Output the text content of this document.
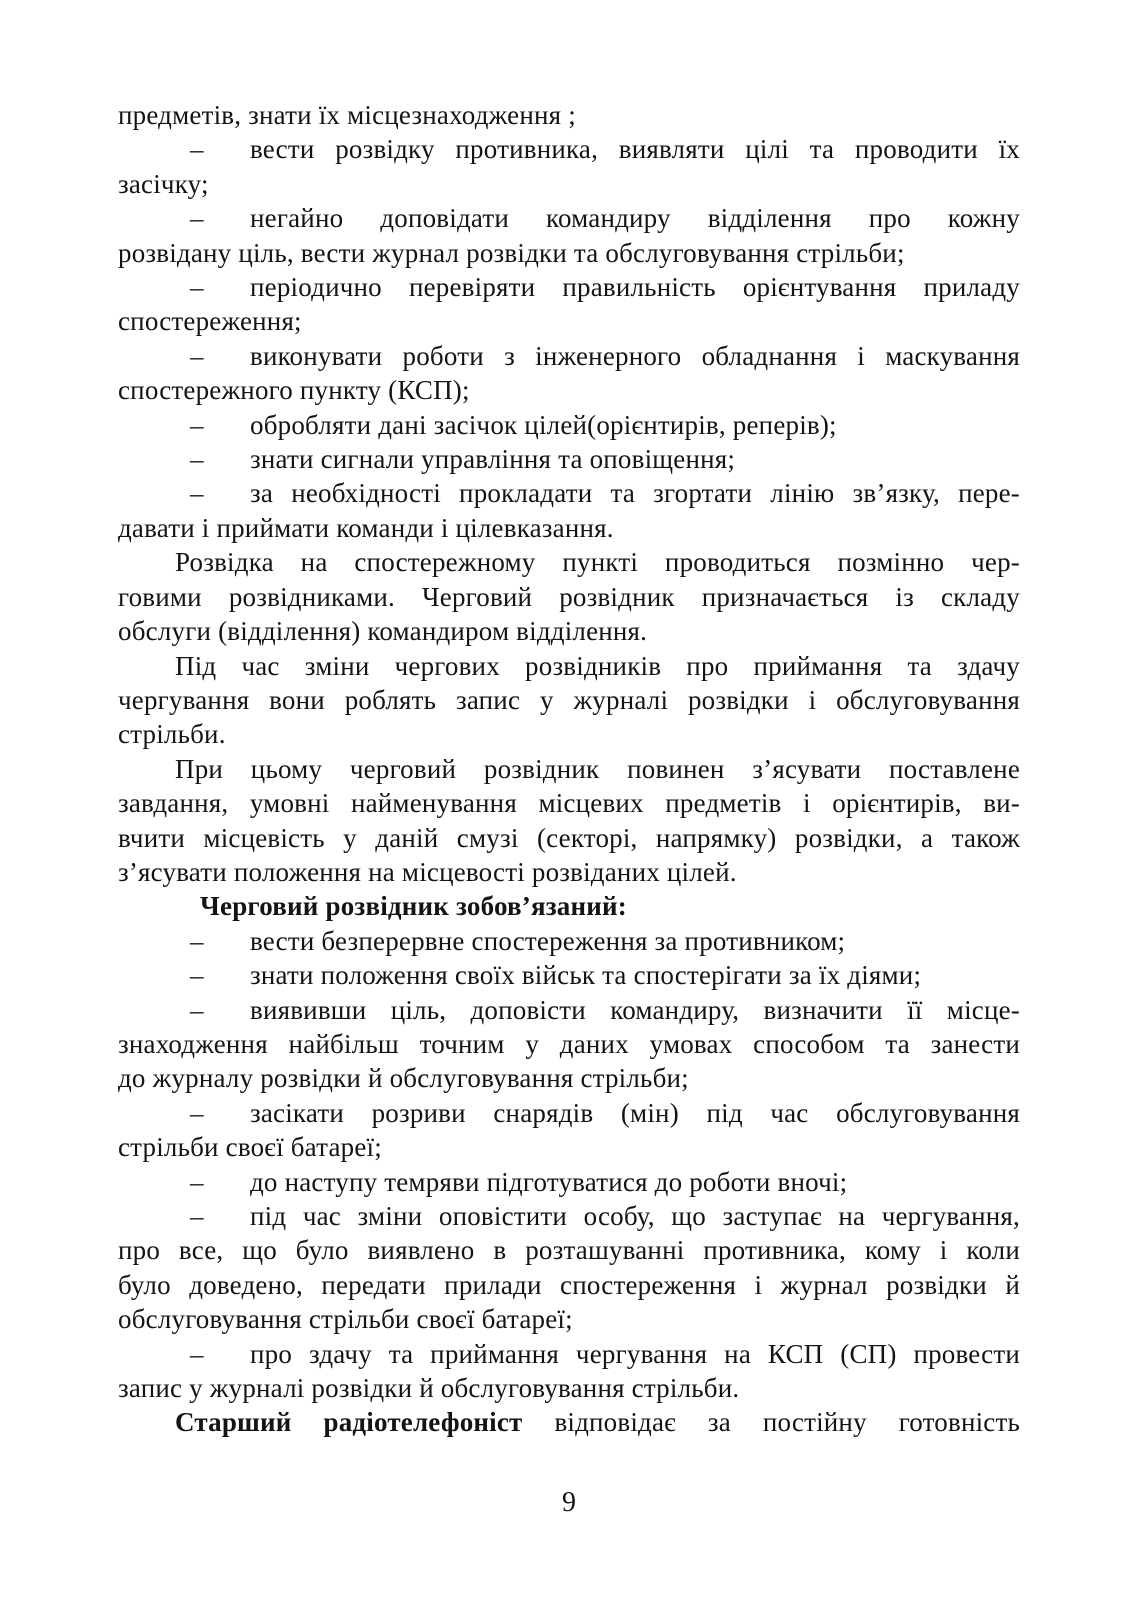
предметів, знати їх місцезнаходження ;
– вести розвідку противника, виявляти цілі та проводити їх
засічку;
– негайно доповідати командиру відділення про кожну
розвідану ціль, вести журнал розвідки та обслуговування стрільби;
– періодично перевіряти правильність орієнтування приладу
спостереження;
– виконувати роботи з інженерного обладнання і маскування
спостережного пункту (КСП);
– обробляти дані засічок цілей(орієнтирів, реперів);
– знати сигнали управління та оповіщення;
– за необхідності прокладати та згортати лінію зв’язку, пере-
давати і приймати команди і цілевказання.
Розвідка на спостережному пункті проводиться позмінно чер-
говими розвідниками. Черговий розвідник призначається із складу
обслуги (відділення) командиром відділення.
Під час зміни чергових розвідників про приймання та здачу
чергування вони роблять запис у журналі розвідки і обслуговування
стрільби.
При цьому черговий розвідник повинен з’ясувати поставлене
завдання, умовні найменування місцевих предметів і орієнтирів, ви-
вчити місцевість у даній смузі (секторі, напрямку) розвідки, а також
з’ясувати положення на місцевості розвіданих цілей.
Черговий розвідник зобов’язаний:
– вести безперервне спостереження за противником;
– знати положення своїх військ та спостерігати за їх діями;
– виявивши ціль, доповісти командиру, визначити її місце-
знаходження найбільш точним у даних умовах способом та занести
до журналу розвідки й обслуговування стрільби;
– засікати розриви снарядів (мін) під час обслуговування
стрільби своєї батареї;
– до наступу темряви підготуватися до роботи вночі;
– під час зміни оповістити особу, що заступає на чергування,
про все, що було виявлено в розташуванні противника, кому і коли
було доведено, передати прилади спостереження і журнал розвідки й
обслуговування стрільби своєї батареї;
– про здачу та приймання чергування на КСП (СП) провести
запис у журналі розвідки й обслуговування стрільби.
Старший радіотелефоніст відповідає за постійну готовність
9
